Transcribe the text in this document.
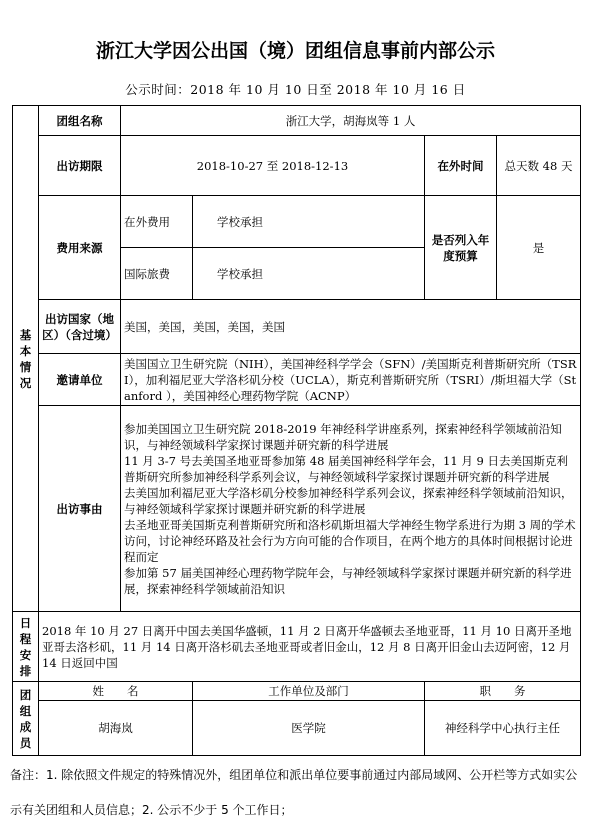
浙江大学因公出国（境）团组信息事前内部公示
公示时间：2018 年 10 月 10 日至 2018 年 10 月 16 日
基本情况	团组名称	浙江大学，胡海岚等 1 人			
	出访期限	2018-10-27 至 2018-12-13		在外时间	总天数 48 天
	费用来源	在外费用	学校承担	是否列入年度预算	是
		国际旅费	学校承担		
	出访国家（地区）（含过境）	美国，美国，美国，美国，美国			
	邀请单位	美国国立卫生研究院（NIH），美国神经科学学会（SFN）/美国斯克利普斯研究所（TSRI），加利福尼亚大学洛杉矶分校（UCLA），斯克利普斯研究所（TSRI）/斯坦福大学（Stanford ），美国神经心理药物学院（ACNP）			
	出访事由	参加美国国立卫生研究院 2018-2019 年神经科学讲座系列，探索神经科学领域前沿知识，与神经领域科学家探讨课题并研究新的科学进展
11 月 3-7 号去美国圣地亚哥参加第 48 届美国神经科学年会，11 月 9 日去美国斯克利普斯研究所参加神经科学系列会议，与神经领域科学家探讨课题并研究新的科学进展
去美国加利福尼亚大学洛杉矶分校参加神经科学系列会议，探索神经科学领域前沿知识，与神经领域科学家探讨课题并研究新的科学进展
去圣地亚哥美国斯克利普斯研究所和洛杉矶斯坦福大学神经生物学系进行为期 3 周的学术访问，讨论神经环路及社会行为方向可能的合作项目，在两个地方的具体时间根据讨论进程而定
参加第 57 届美国神经心理药物学院年会，与神经领域科学家探讨课题并研究新的科学进展，探索神经科学领域前沿知识			

日程安排	2018 年 10 月 27 日离开中国去美国华盛顿，11 月 2 日离开华盛顿去圣地亚哥，11 月 10 日离开圣地亚哥去洛杉矶，11 月 14 日离开洛杉矶去圣地亚哥或者旧金山，12 月 8 日离开旧金山去迈阿密，12 月 14 日返回中国				

团组成员	姓　　名		工作单位及部门	职　　务	
	胡海岚		医学院	神经科学中心执行主任	
备注：1. 除依照文件规定的特殊情况外，组团单位和派出单位要事前通过内部局域网、公开栏等方式如实公示有关团组和人员信息；2. 公示不少于 5 个工作日；
